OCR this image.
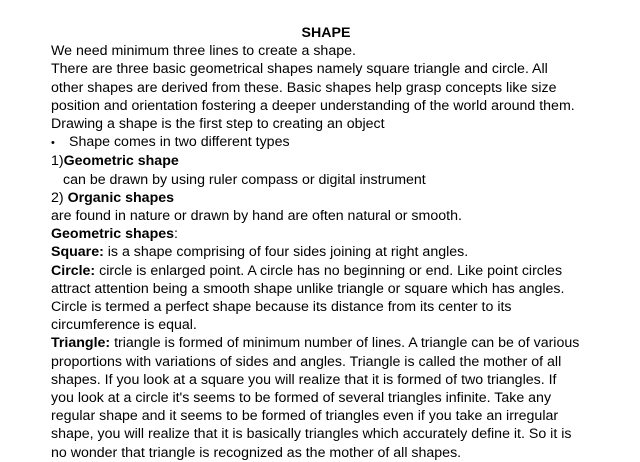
SHAPE
We need minimum three lines to create a shape.
There are three basic geometrical shapes namely square triangle and circle. All other shapes are derived from these. Basic shapes help grasp concepts like size position and orientation fostering a deeper understanding of the world around them.
Drawing a shape is the first step to creating an object
• Shape comes in two different types
1)Geometric shape
can be drawn by using ruler compass or digital instrument
2) Organic shapes
are found in nature or drawn by hand are often natural or smooth.
Geometric shapes:
Square: is a shape comprising of four sides joining at right angles.
Circle: circle is enlarged point. A circle has no beginning or end. Like point circles attract attention being a smooth shape unlike triangle or square which has angles. Circle is termed a perfect shape because its distance from its center to its circumference is equal.
Triangle: triangle is formed of minimum number of lines. A triangle can be of various proportions with variations of sides and angles. Triangle is called the mother of all shapes. If you look at a square you will realize that it is formed of two triangles. If you look at a circle it's seems to be formed of several triangles infinite. Take any regular shape and it seems to be formed of triangles even if you take an irregular shape, you will realize that it is basically triangles which accurately define it. So it is no wonder that triangle is recognized as the mother of all shapes.
